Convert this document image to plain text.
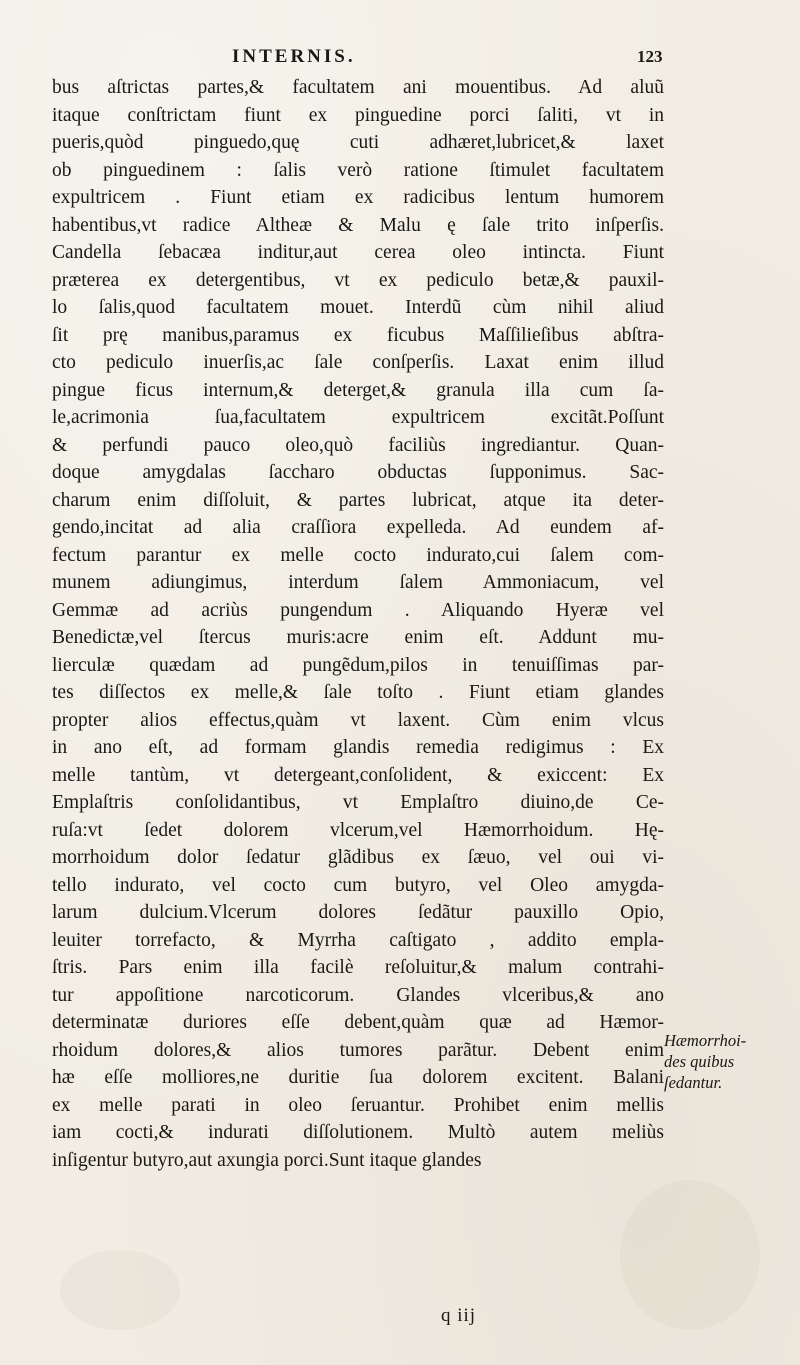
INTERNIS.	123
bus aſtrictas partes,& facultatem ani mouentibus. Ad aluũ
itaque conſtrictam fiunt ex pinguedine porci ſaliti, vt in
pueris,quòd pinguedo,quę cuti adhæret,lubricet,& laxet
ob pinguedinem : ſalis verò ratione ſtimulet facultatem
expultricem . Fiunt etiam ex radicibus lentum humorem
habentibus,vt radice Altheæ & Malu ę ſale trito inſperſis.
Candella ſebacæa inditur,aut cerea oleo intincta. Fiunt
præterea ex detergentibus, vt ex pediculo betæ,& pauxil-
lo ſalis,quod facultatem mouet. Interdũ cùm nihil aliud
ſit prę manibus,paramus ex ficubus Maſſilieſibus abſtra-
cto pediculo inuerſis,ac ſale conſperſis. Laxat enim illud
pingue ficus internum,& deterget,& granula illa cum ſa-
le,acrimonia ſua,facultatem expultricem excitãt.Poſſunt
& perfundi pauco oleo,quò faciliùs ingrediantur. Quan-
doque amygdalas ſaccharo obductas ſupponimus. Sac-
charum enim diſſoluit, & partes lubricat, atque ita deter-
gendo,incitat ad alia craſſiora expelleda. Ad eundem af-
fectum parantur ex melle cocto indurato,cui ſalem com-
munem adiungimus, interdum ſalem Ammoniacum, vel
Gemmæ ad acriùs pungendum . Aliquando Hyeræ vel
Benedictæ,vel ſtercus muris:acre enim eſt. Addunt mu-
lierculæ quædam ad pungẽdum,pilos in tenuiſſimas par-
tes diſſectos ex melle,& ſale toſto . Fiunt etiam glandes
propter alios effectus,quàm vt laxent. Cùm enim vlcus
in ano eſt, ad formam glandis remedia redigimus : Ex
melle tantùm, vt detergeant,conſolident, & exiccent: Ex
Emplaſtris conſolidantibus, vt Emplaſtro diuino,de Ce-
ruſa:vt ſedet dolorem vlcerum,vel Hæmorrhoidum. Hę-
morrhoidum dolor ſedatur glãdibus ex ſæuo, vel oui vi-
tello indurato, vel cocto cum butyro, vel Oleo amygda-
larum dulcium.Vlcerum dolores ſedãtur pauxillo Opio,
leuiter torrefacto, & Myrrha caſtigato , addito empla-
ſtris. Pars enim illa facilè reſoluitur,& malum contrahi-
tur appoſitione narcoticorum. Glandes vlceribus,& ano
determinatæ duriores eſſe debent,quàm quæ ad Hæmor-
rhoidum dolores,& alios tumores parãtur. Debent enim
hæ eſſe molliores,ne duritie ſua dolorem excitent. Balani
ex melle parati in oleo ſeruantur. Prohibet enim mellis
iam cocti,& indurati diſſolutionem. Multò autem meliùs
inſigentur butyro,aut axungia porci.Sunt itaque glandes
Hæmorrhoi-
des quibus
ſedantur.
q iij
